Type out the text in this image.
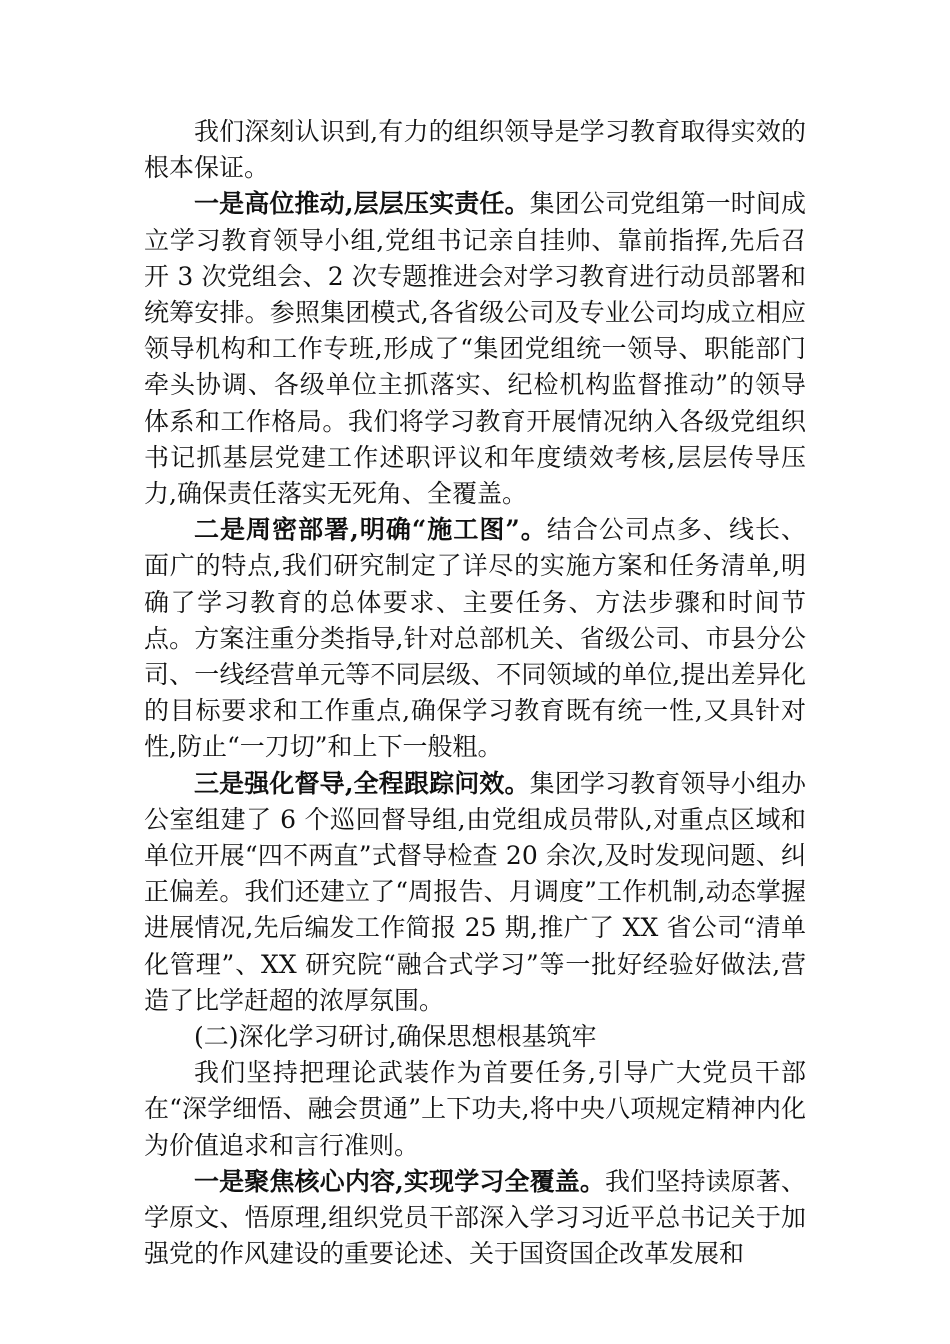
我们深刻认识到,有力的组织领导是学习教育取得实效的根本保证。

一是高位推动,层层压实责任。集团公司党组第一时间成立学习教育领导小组,党组书记亲自挂帅、靠前指挥,先后召开 3 次党组会、2 次专题推进会对学习教育进行动员部署和统筹安排。参照集团模式,各省级公司及专业公司均成立相应领导机构和工作专班,形成了“集团党组统一领导、职能部门牵头协调、各级单位主抓落实、纪检机构监督推动”的领导体系和工作格局。我们将学习教育开展情况纳入各级党组织书记抓基层党建工作述职评议和年度绩效考核,层层传导压力,确保责任落实无死角、全覆盖。

二是周密部署,明确“施工图”。结合公司点多、线长、面广的特点,我们研究制定了详尽的实施方案和任务清单,明确了学习教育的总体要求、主要任务、方法步骤和时间节点。方案注重分类指导,针对总部机关、省级公司、市县分公司、一线经营单元等不同层级、不同领域的单位,提出差异化的目标要求和工作重点,确保学习教育既有统一性,又具针对性,防止“一刀切”和上下一般粗。

三是强化督导,全程跟踪问效。集团学习教育领导小组办公室组建了 6 个巡回督导组,由党组成员带队,对重点区域和单位开展“四不两直”式督导检查 20 余次,及时发现问题、纠正偏差。我们还建立了“周报告、月调度”工作机制,动态掌握进展情况,先后编发工作简报 25 期,推广了 XX 省公司“清单化管理”、XX 研究院“融合式学习”等一批好经验好做法,营造了比学赶超的浓厚氛围。

(二)深化学习研讨,确保思想根基筑牢

我们坚持把理论武装作为首要任务,引导广大党员干部在“深学细悟、融会贯通”上下功夫,将中央八项规定精神内化为价值追求和言行准则。

一是聚焦核心内容,实现学习全覆盖。我们坚持读原著、学原文、悟原理,组织党员干部深入学习习近平总书记关于加强党的作风建设的重要论述、关于国资国企改革发展和
